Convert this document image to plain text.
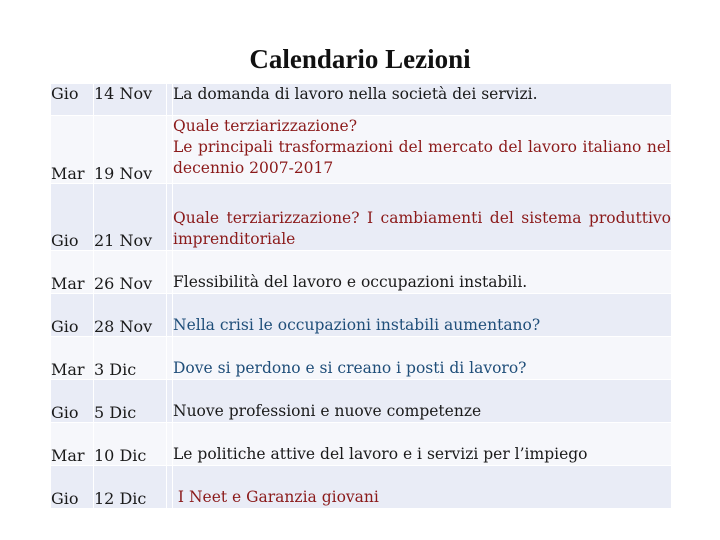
Calendario Lezioni
Gio	14 Nov		La domanda di lavoro nella società dei servizi.
Mar	19 Nov		Quale terziarizzazione?
Le principali trasformazioni del mercato del lavoro italiano nel decennio 2007-2017
Gio	21 Nov		Quale terziarizzazione? I cambiamenti del sistema produttivo imprenditoriale
Mar	26 Nov		Flessibilità del lavoro e occupazioni instabili.
Gio	28 Nov		Nella crisi le occupazioni instabili aumentano?
Mar	3 Dic		Dove si perdono e si creano i posti di lavoro?
Gio	5 Dic		Nuove professioni e nuove competenze
Mar	10 Dic		Le politiche attive del lavoro e i servizi per l’impiego
Gio	12 Dic		I Neet e Garanzia giovani
